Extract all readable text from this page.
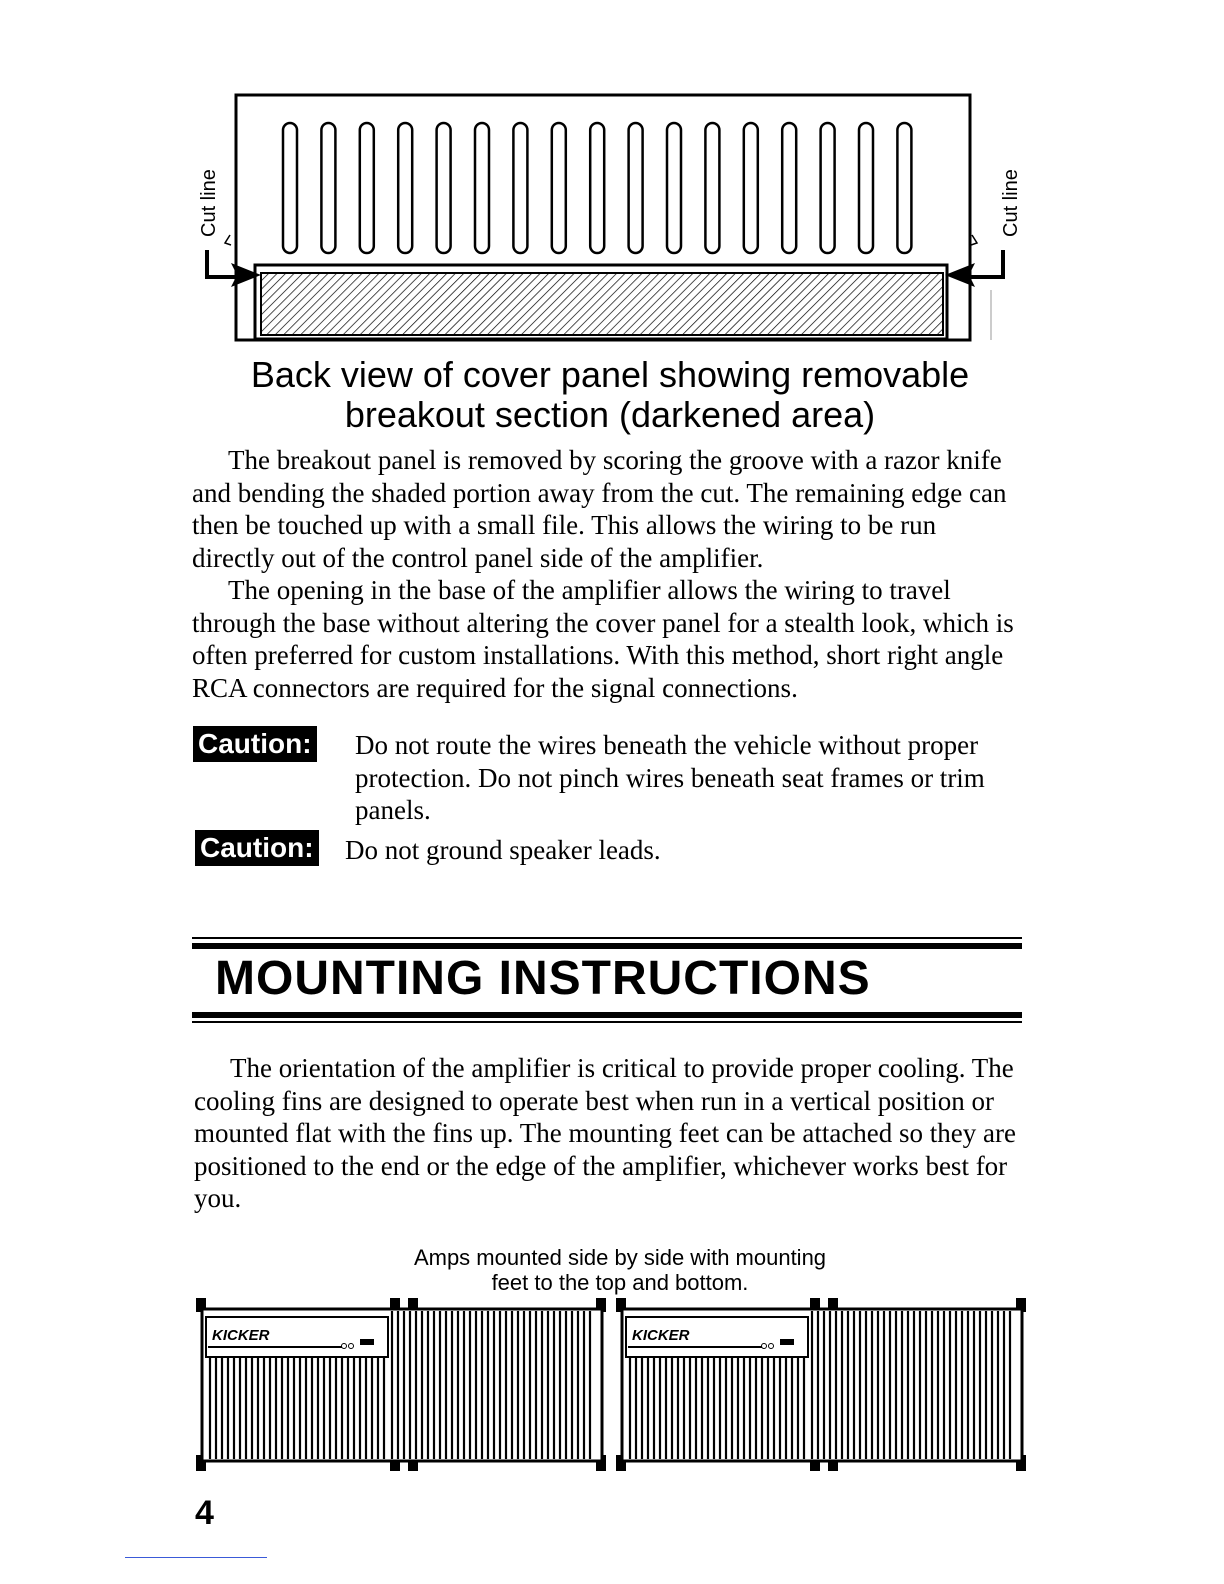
Cut line	Cut line
Back view of cover panel showing removable
breakout section (darkened area)

The breakout panel is removed by scoring the groove with a razor knife and bending the shaded portion away from the cut. The remaining edge can then be touched up with a small file. This allows the wiring to be run directly out of the control panel side of the amplifier.

The opening in the base of the amplifier allows the wiring to travel through the base without altering the cover panel for a stealth look, which is often preferred for custom installations. With this method, short right angle RCA connectors are required for the signal connections.

Caution: Do not route the wires beneath the vehicle without proper protection. Do not pinch wires beneath seat frames or trim panels.
Caution: Do not ground speaker leads.
MOUNTING INSTRUCTIONS

The orientation of the amplifier is critical to provide proper cooling. The cooling fins are designed to operate best when run in a vertical position or mounted flat with the fins up. The mounting feet can be attached so they are positioned to the end or the edge of the amplifier, whichever works best for you.

Amps mounted side by side with mounting
feet to the top and bottom.
KICKER	KICKER
4
